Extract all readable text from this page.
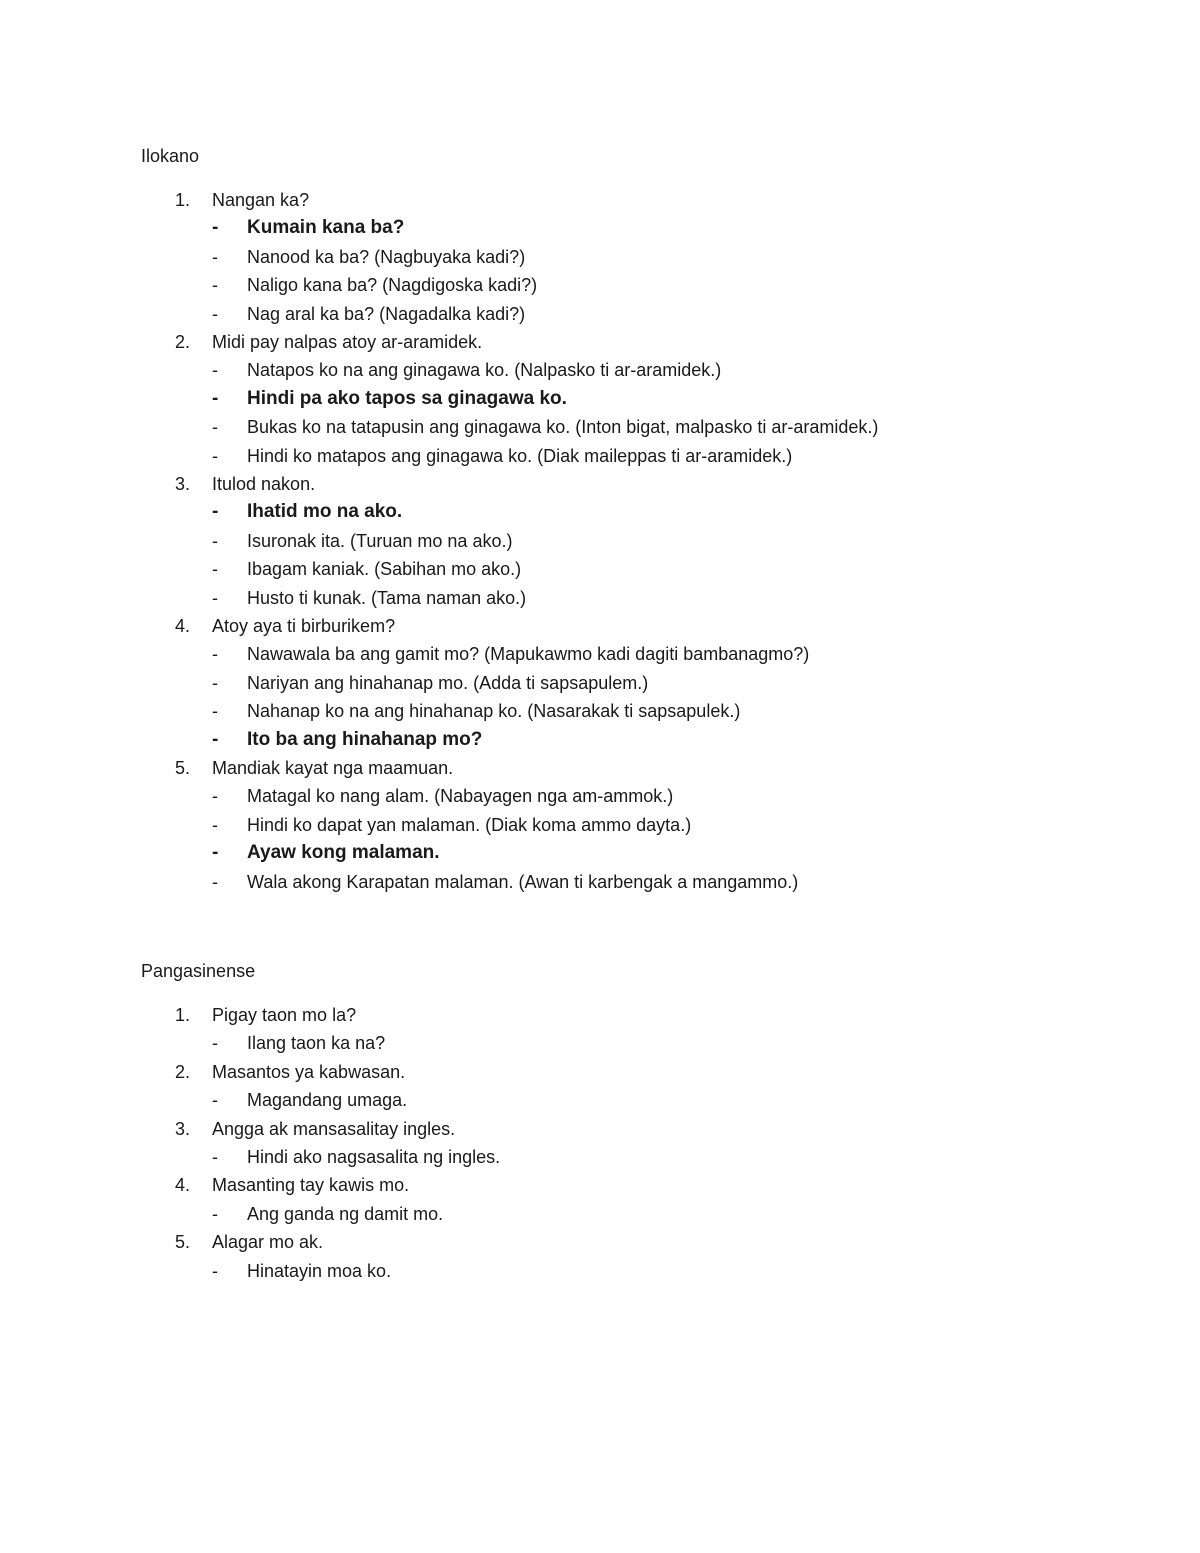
Ilokano
1.	Nangan ka?
-	Kumain kana ba?
-	Nanood ka ba? (Nagbuyaka kadi?)
-	Naligo kana ba? (Nagdigoska kadi?)
-	Nag aral ka ba? (Nagadalka kadi?)
2.	Midi pay nalpas atoy ar-aramidek.
-	Natapos ko na ang ginagawa ko. (Nalpasko ti ar-aramidek.)
-	Hindi pa ako tapos sa ginagawa ko.
-	Bukas ko na tatapusin ang ginagawa ko. (Inton bigat, malpasko ti ar-aramidek.)
-	Hindi ko matapos ang ginagawa ko. (Diak maileppas ti ar-aramidek.)
3.	Itulod nakon.
-	Ihatid mo na ako.
-	Isuronak ita. (Turuan mo na ako.)
-	Ibagam kaniak. (Sabihan mo ako.)
-	Husto ti kunak. (Tama naman ako.)
4.	Atoy aya ti birburikem?
-	Nawawala ba ang gamit mo? (Mapukawmo kadi dagiti bambanagmo?)
-	Nariyan ang hinahanap mo. (Adda ti sapsapulem.)
-	Nahanap ko na ang hinahanap ko. (Nasarakak ti sapsapulek.)
-	Ito ba ang hinahanap mo?
5.	Mandiak kayat nga maamuan.
-	Matagal ko nang alam. (Nabayagen nga am-ammok.)
-	Hindi ko dapat yan malaman. (Diak koma ammo dayta.)
-	Ayaw kong malaman.
-	Wala akong Karapatan malaman. (Awan ti karbengak a mangammo.)
Pangasinense
1.	Pigay taon mo la?
-	Ilang taon ka na?
2.	Masantos ya kabwasan.
-	Magandang umaga.
3.	Angga ak mansasalitay ingles.
-	Hindi ako nagsasalita ng ingles.
4.	Masanting tay kawis mo.
-	Ang ganda ng damit mo.
5.	Alagar mo ak.
-	Hinatayin moa ko.
